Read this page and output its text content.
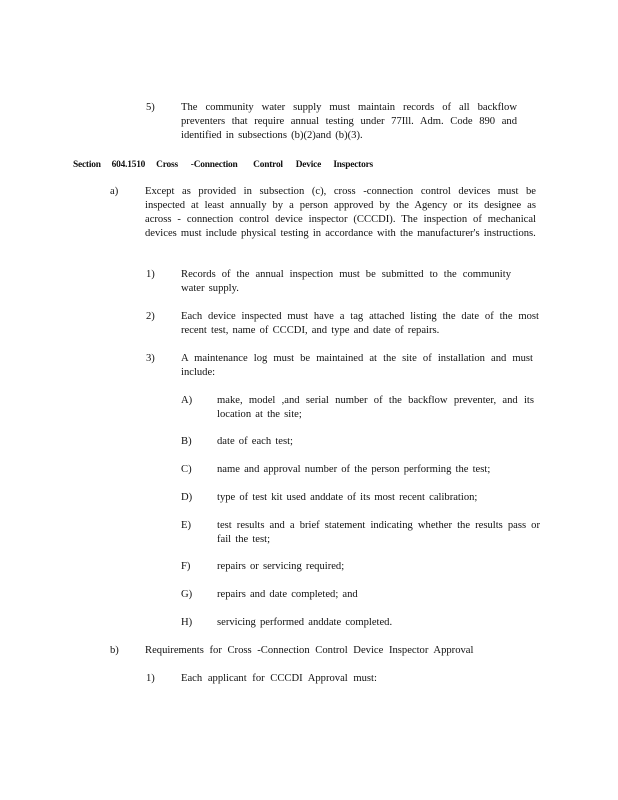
5) The community water supply must maintain records of all backflow preventers that require annual testing under 77Ill. Adm. Code 890 and identified in subsections (b)(2)and (b)(3).
Section	604.1510	Cross	-Connection	Control	Device	Inspectors
a)	Except as provided in subsection (c), cross -connection control devices must be inspected at least annually by a person approved by the Agency or its designee as across - connection control device inspector (CCCDI). The inspection of mechanical devices must include physical testing in accordance with the manufacturer's instructions.
1) Records of the annual inspection must be submitted to the community water supply.
2) Each device inspected must have a tag attached listing the date of the most recent test, name of CCCDI, and type and date of repairs.
3) A maintenance log must be maintained at the site of installation and must include:
A) make, model ,and serial number of the backflow preventer, and its location at the site;
B) date of each test;
C) name and approval number of the person performing the test;
D) type of test kit used anddate of its most recent calibration;
E) test results and a brief statement indicating whether the results pass or fail the test;
F)	repairs or servicing required;
G) repairs and date completed; and
H) servicing performed anddate completed.
b) Requirements for Cross -Connection Control Device Inspector Approval
1) Each applicant for CCCDI Approval must:
